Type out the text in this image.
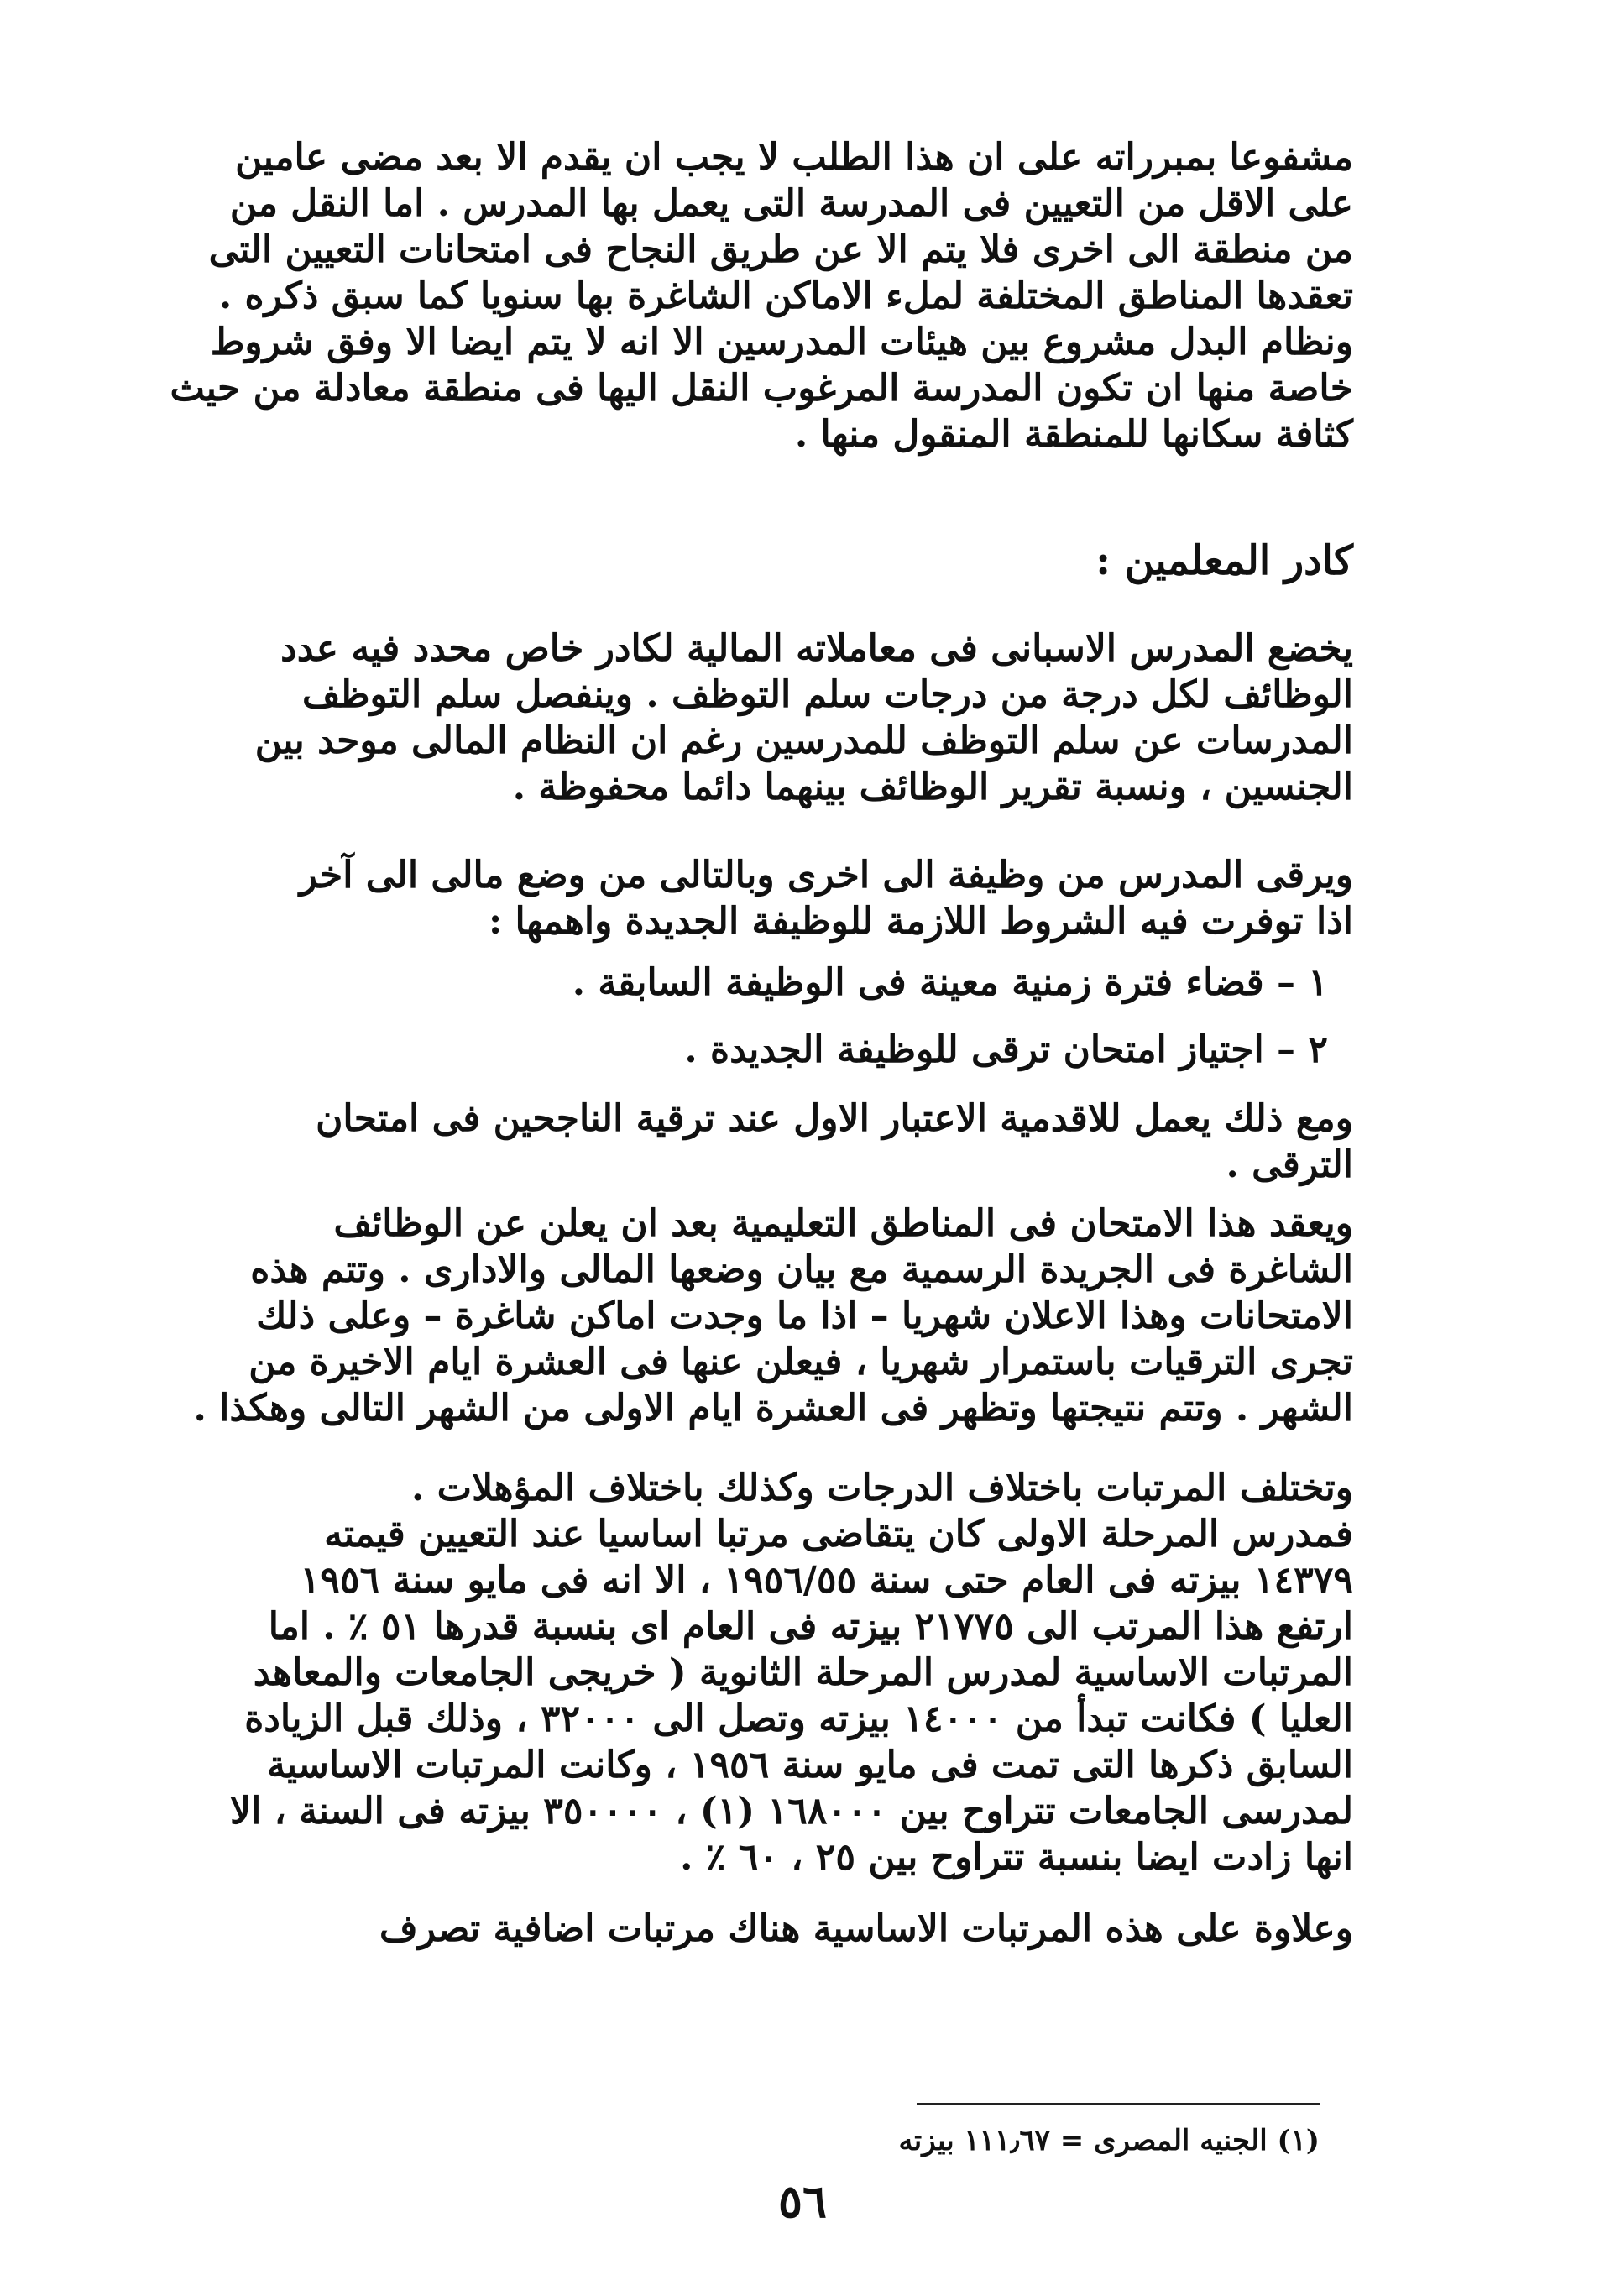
مشفوعا بمبرراته على ان هذا الطلب لا يجب ان يقدم الا بعد مضى عامين
على الاقل من التعيين فى المدرسة التى يعمل بها المدرس . اما النقل من
من منطقة الى اخرى فلا يتم الا عن طريق النجاح فى امتحانات التعيين التى
تعقدها المناطق المختلفة لملء الاماكن الشاغرة بها سنويا كما سبق ذكره .
ونظام البدل مشروع بين هيئات المدرسين الا انه لا يتم ايضا الا وفق شروط
خاصة منها ان تكون المدرسة المرغوب النقل اليها فى منطقة معادلة من حيث
كثافة سكانها للمنطقة المنقول منها .
كادر المعلمين :
يخضع المدرس الاسبانى فى معاملاته المالية لكادر خاص محدد فيه عدد
الوظائف لكل درجة من درجات سلم التوظف . وينفصل سلم التوظف
المدرسات عن سلم التوظف للمدرسين رغم ان النظام المالى موحد بين
الجنسين ، ونسبة تقرير الوظائف بينهما دائما محفوظة .
ويرقى المدرس من وظيفة الى اخرى وبالتالى من وضع مالى الى آخر
اذا توفرت فيه الشروط اللازمة للوظيفة الجديدة واهمها :
١ – قضاء فترة زمنية معينة فى الوظيفة السابقة .
٢ – اجتياز امتحان ترقى للوظيفة الجديدة .
ومع ذلك يعمل للاقدمية الاعتبار الاول عند ترقية الناجحين فى امتحان
الترقى .
ويعقد هذا الامتحان فى المناطق التعليمية بعد ان يعلن عن الوظائف
الشاغرة فى الجريدة الرسمية مع بيان وضعها المالى والادارى . وتتم هذه
الامتحانات وهذا الاعلان شهريا – اذا ما وجدت اماكن شاغرة – وعلى ذلك
تجرى الترقيات باستمرار شهريا ، فيعلن عنها فى العشرة ايام الاخيرة من
الشهر . وتتم نتيجتها وتظهر فى العشرة ايام الاولى من الشهر التالى وهكذا .
وتختلف المرتبات باختلاف الدرجات وكذلك باختلاف المؤهلات .
فمدرس المرحلة الاولى كان يتقاضى مرتبا اساسيا عند التعيين قيمته
١٤٣٧٩ بيزته فى العام حتى سنة ١٩٥٦/٥٥ ، الا انه فى مايو سنة ١٩٥٦
ارتفع هذا المرتب الى ٢١٧٧٥ بيزته فى العام اى بنسبة قدرها ٥١ ٪ . اما
المرتبات الاساسية لمدرس المرحلة الثانوية ( خريجى الجامعات والمعاهد
العليا ) فكانت تبدأ من ١٤٠٠٠ بيزته وتصل الى ٣٢٠٠٠ ، وذلك قبل الزيادة
السابق ذكرها التى تمت فى مايو سنة ١٩٥٦ ، وكانت المرتبات الاساسية
لمدرسى الجامعات تتراوح بين ١٦٨٠٠٠ (١) ، ٣٥٠٠٠٠ بيزته فى السنة ، الا
انها زادت ايضا بنسبة تتراوح بين ٢٥ ، ٦٠ ٪ .
وعلاوة على هذه المرتبات الاساسية هناك مرتبات اضافية تصرف
(١) الجنيه المصرى = ١١١٫٦٧ بيزته
٥٦
